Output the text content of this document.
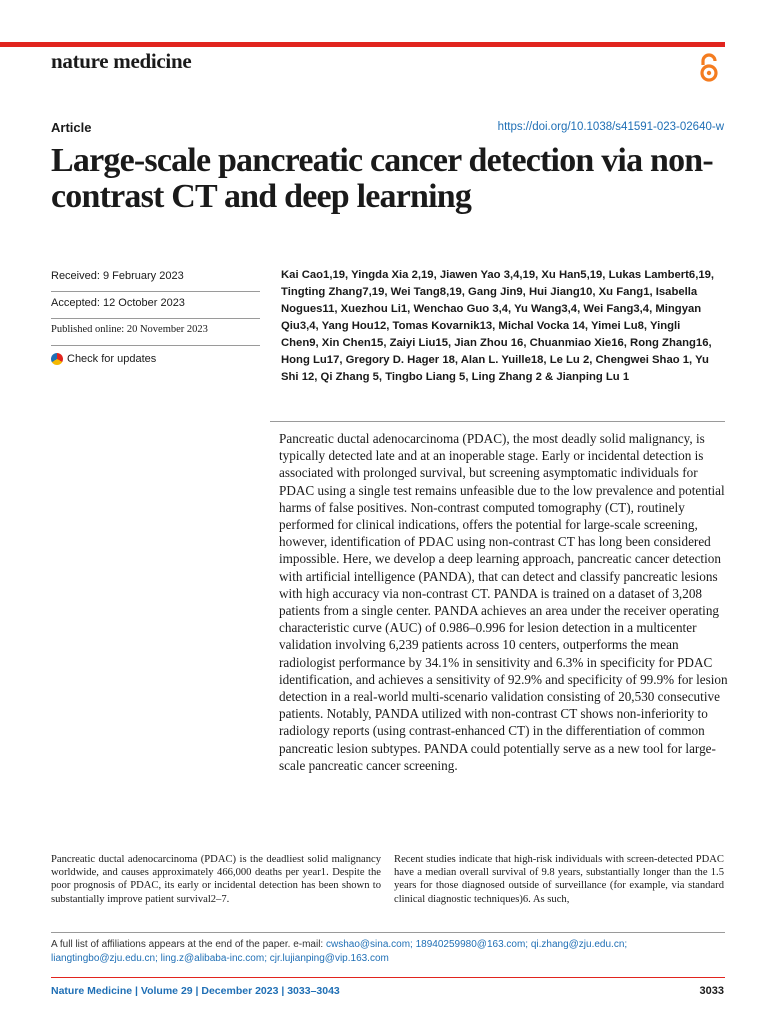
nature medicine
Article	https://doi.org/10.1038/s41591-023-02640-w
Large-scale pancreatic cancer detection via non-contrast CT and deep learning
Received: 9 February 2023
Accepted: 12 October 2023
Published online: 20 November 2023
Check for updates
Kai Cao1,19, Yingda Xia 2,19, Jiawen Yao 3,4,19, Xu Han5,19, Lukas Lambert6,19, Tingting Zhang7,19, Wei Tang8,19, Gang Jin9, Hui Jiang10, Xu Fang1, Isabella Nogues11, Xuezhou Li1, Wenchao Guo 3,4, Yu Wang3,4, Wei Fang3,4, Mingyan Qiu3,4, Yang Hou12, Tomas Kovarnik13, Michal Vocka 14, Yimei Lu8, Yingli Chen9, Xin Chen15, Zaiyi Liu15, Jian Zhou 16, Chuanmiao Xie16, Rong Zhang16, Hong Lu17, Gregory D. Hager 18, Alan L. Yuille18, Le Lu 2, Chengwei Shao 1, Yu Shi 12, Qi Zhang 5, Tingbo Liang 5, Ling Zhang 2 & Jianping Lu 1

Pancreatic ductal adenocarcinoma (PDAC), the most deadly solid malignancy, is typically detected late and at an inoperable stage. Early or incidental detection is associated with prolonged survival, but screening asymptomatic individuals for PDAC using a single test remains unfeasible due to the low prevalence and potential harms of false positives. Non-contrast computed tomography (CT), routinely performed for clinical indications, offers the potential for large-scale screening, however, identification of PDAC using non-contrast CT has long been considered impossible. Here, we develop a deep learning approach, pancreatic cancer detection with artificial intelligence (PANDA), that can detect and classify pancreatic lesions with high accuracy via non-contrast CT. PANDA is trained on a dataset of 3,208 patients from a single center. PANDA achieves an area under the receiver operating characteristic curve (AUC) of 0.986–0.996 for lesion detection in a multicenter validation involving 6,239 patients across 10 centers, outperforms the mean radiologist performance by 34.1% in sensitivity and 6.3% in specificity for PDAC identification, and achieves a sensitivity of 92.9% and specificity of 99.9% for lesion detection in a real-world multi-scenario validation consisting of 20,530 consecutive patients. Notably, PANDA utilized with non-contrast CT shows non-inferiority to radiology reports (using contrast-enhanced CT) in the differentiation of common pancreatic lesion subtypes. PANDA could potentially serve as a new tool for large-scale pancreatic cancer screening.

Pancreatic ductal adenocarcinoma (PDAC) is the deadliest solid malignancy worldwide, and causes approximately 466,000 deaths per year1. Despite the poor prognosis of PDAC, its early or incidental detection has been shown to substantially improve patient survival2–7.

Recent studies indicate that high-risk individuals with screen-detected PDAC have a median overall survival of 9.8 years, substantially longer than the 1.5 years for those diagnosed outside of surveillance (for example, via standard clinical diagnostic techniques)6. As such,

A full list of affiliations appears at the end of the paper. e-mail: cwshao@sina.com; 18940259980@163.com; qi.zhang@zju.edu.cn; liangtingbo@zju.edu.cn; ling.z@alibaba-inc.com; cjr.lujianping@vip.163.com

Nature Medicine | Volume 29 | December 2023 | 3033–3043	3033
